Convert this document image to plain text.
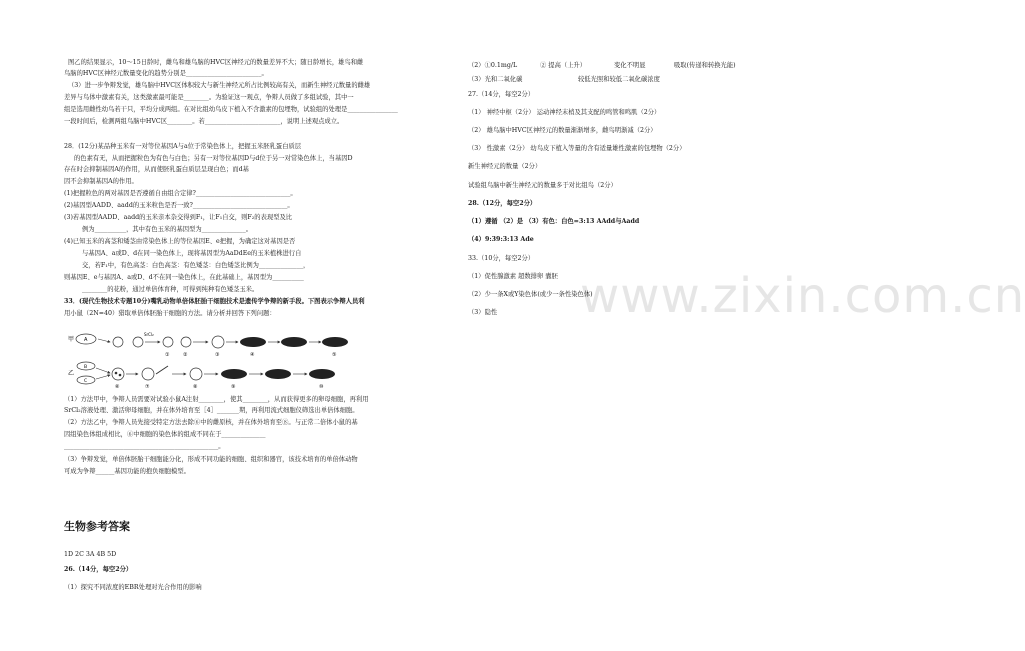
www.zixin.com.cn
图乙的结果显示，10～15日龄时，雌鸟和雄鸟脑的HVC区神经元的数量差异不大；随日龄增长，雄鸟和雌
鸟脑的HVC区神经元数量变化的趋势分别是________________________。
（3）进一步争辩发觉，雄鸟脑中HVC区体积较大与新生神经元所占比例较高有关，而新生神经元数量的雌雄
差异与鸟体中激素有关，这类激素最可能是________。为验证这一观点，争辩人员做了多组试验，其中一
组是选用雌性幼鸟若干只，平均分成两组。在对比组幼鸟皮下植入不含激素的包埋物，试验组的处理是________________
一段时间后，检测两组鸟脑中HVC区________。若________________________，说明上述观点成立。
28．(12分)某品种玉米有一对等位基因A与a位于常染色体上，把握玉米胚乳蛋白质层
的色素有无，从而把握粒色为有色与白色；另有一对等位基因D与d位于另一对常染色体上，当基因D
存在时会抑制基因A的作用，从而使胚乳蛋白质层呈现白色；而d基
因不会抑制基因A的作用。
(1)把握粒色的两对基因是否遵循自由组合定律?______________________________。
(2)基因型AADD、aadd的玉米粒色是否一致?______________________________。
(3)若基因型AADD、aadd的玉米亲本杂交得到F₁，让F₁自交，则F₂的表现型及比
例为__________，其中有色玉米的基因型为______________。
(4)已知玉米的高茎和矮茎由常染色体上的等位基因E、e把握，为确定这对基因是否
与基因A、a或D、d在同一染色体上，现将基因型为AaDdEe的玉米植株进行自
交，若F₁中，有色高茎：白色高茎：有色矮茎：白色矮茎比例为______________，
则基因E、e与基因A、a或D、d不在同一染色体上，在此基础上，基因型为__________
________的花粉，通过单倍体育种，可得到纯种有色矮茎玉米。
33．(现代生物技术专题10分)嘴乳动物单倍体胚胎干细胞技术是遗传学争辩的新手段。下图表示争辩人员利
用小鼠（2N=40）猎取单倍体胚胎干细胞的方法。请分析并回答下列问题：
甲
乙
A
SrCl₂
①	②	③	④	⑤
B
C
⑥	⑦	⑧	⑨	⑩
（1）方法甲中，争辩人员需要对试验小鼠A注射________，使其________，从而获得更多的卵母细胞，再利用
SrCl₂溶液处理、激活卵母细胞，并在体外培育至［4］_______期，再利用流式细胞仪筛选出单倍体细胞。
（2）方法乙中，争辩人员先接受特定方法去除⑥中的雌原核，并在体外培育至⑧。与正常二倍体小鼠的基
因组染色体组成相比，⑥中细胞的染色体的组成不同在于______________
_________________________________________________。
（3）争辩发觉，单倍体胚胎干细胞能分化，形成不同功能的细胞、组织和器官，该技术培育的单倍体动物
可成为争辩______基因功能的抱负细胞模型。
生物参考答案
1D 2C 3A 4B 5D
26.（14分，每空2分）
（1）探究不同浓度的EBR处理对光合作用的影响
（2）①0.1mg/L	② 提高（上升）	变化不明显	吸取(传递和转换光能)
（3）光和二氧化碳	较低光照和较低二氧化碳浓度
27.（14分，每空2分）
（1） 神经中枢（2分） 运动神经末梢及其支配的鸣管和鸣肌（2分）
（2） 雄鸟脑中HVC区神经元的数量渐渐增多，雌鸟明渐减（2分）
（3） 性激素（2分） 幼鸟皮下植入等量的含有适量雄性激素的包埋物（2分）
新生神经元的数量（2分）
试验组鸟脑中新生神经元的数量多于对比组鸟（2分）
28.（12分，每空2分）
（1）遵循 （2）是 （3）有色：白色=3:13 AAdd与Aadd
（4）9:39:3:13 Ade
33.（10分，每空2分）
（1）促性腺激素 超数排卵 囊胚
（2）少一条X或Y染色体(或少一条性染色体)
（3）隐性
